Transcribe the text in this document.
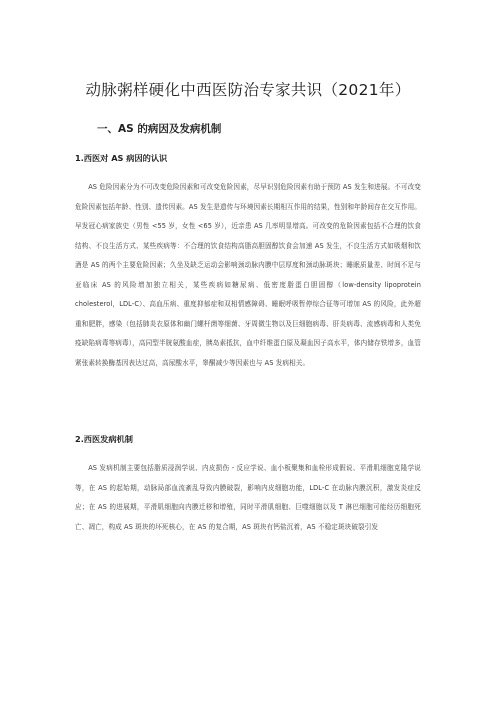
动脉粥样硬化中西医防治专家共识（2021年）
一、AS 的病因及发病机制
1.西医对 AS 病因的认识
AS 危险因素分为不可改变危险因素和可改变危险因素，尽早识别危险因素有助于预防 AS 发生和进展。不可改变危险因素包括年龄、性别、遗传因素。AS 发生是遗传与环境因素长期相互作用的结果，性别和年龄间存在交互作用。早发冠心病家族史（男性 <55 岁，女性 <65 岁），近亲患 AS 几率明显增高。可改变的危险因素包括不合理的饮食结构、不良生活方式、某些疾病等：不合理的饮食结构高脂高胆固醇饮食会加速 AS 发生，不良生活方式如吸烟和饮酒是 AS 的两个主要危险因素；久坐及缺乏运动会影响颈动脉内膜中层厚度和颈动脉斑块；睡眠质量差、时间不足与亚临床 AS 的风险增加独立相关，某些疾病如糖尿病、低密度脂蛋白胆固醇（low-density lipoprotein cholesterol，LDL-C）、高血压病、重度抑郁症和双相情感障碍、睡眠呼吸暂停综合征等可增加 AS 的风险，此外超重和肥胖，感染（包括肺炎衣原体和幽门螺杆菌等细菌、牙周微生物以及巨细胞病毒、肝炎病毒、流感病毒和人类免疫缺陷病毒等病毒），高同型半胱氨酸血症，胰岛素抵抗，血中纤维蛋白原及凝血因子高水平，体内储存铁增多，血管紧张素转换酶基因表达过高，高尿酸水平，睾酮减少等因素也与 AS 发病相关。
2.西医发病机制
AS 发病机制主要包括脂质浸润学说、内皮损伤 - 反应学说、血小板聚集和血栓形成假说、平滑肌细胞克隆学说等，在 AS 的起始期，动脉局部血流紊乱导致内膜破裂，影响内皮细胞功能，LDL-C 在动脉内膜沉积，激发炎症反应；在 AS 的进展期，平滑肌细胞向内膜迁移和增殖，同时平滑肌细胞、巨噬细胞以及 T 淋巴细胞可能经历细胞死亡、凋亡，构成 AS 斑块的坏死核心，在 AS 的复合期，AS 斑块有钙盐沉着，AS 不稳定斑块破裂引发
